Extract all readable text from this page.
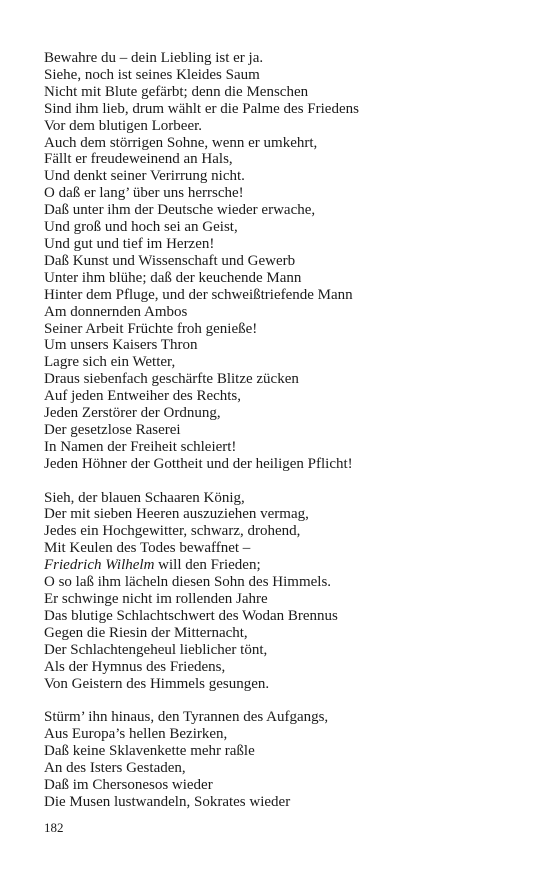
Bewahre du – dein Liebling ist er ja.
Siehe, noch ist seines Kleides Saum
Nicht mit Blute gefärbt; denn die Menschen
Sind ihm lieb, drum wählt er die Palme des Friedens
Vor dem blutigen Lorbeer.
Auch dem störrigen Sohne, wenn er umkehrt,
Fällt er freudeweinend an Hals,
Und denkt seiner Verirrung nicht.
O daß er lang’ über uns herrsche!
Daß unter ihm der Deutsche wieder erwache,
Und groß und hoch sei an Geist,
Und gut und tief im Herzen!
Daß Kunst und Wissenschaft und Gewerb
Unter ihm blühe; daß der keuchende Mann
Hinter dem Pfluge, und der schweißtriefende Mann
Am donnernden Ambos
Seiner Arbeit Früchte froh genieße!
Um unsers Kaisers Thron
Lagre sich ein Wetter,
Draus siebenfach geschärfte Blitze zücken
Auf jeden Entweiher des Rechts,
Jeden Zerstörer der Ordnung,
Der gesetzlose Raserei
In Namen der Freiheit schleiert!
Jeden Höhner der Gottheit und der heiligen Pflicht!
Sieh, der blauen Schaaren König,
Der mit sieben Heeren auszuziehen vermag,
Jedes ein Hochgewitter, schwarz, drohend,
Mit Keulen des Todes bewaffnet –
Friedrich Wilhelm will den Frieden;
O so laß ihm lächeln diesen Sohn des Himmels.
Er schwinge nicht im rollenden Jahre
Das blutige Schlachtschwert des Wodan Brennus
Gegen die Riesin der Mitternacht,
Der Schlachtengeheul lieblicher tönt,
Als der Hymnus des Friedens,
Von Geistern des Himmels gesungen.
Stürm’ ihn hinaus, den Tyrannen des Aufgangs,
Aus Europa’s hellen Bezirken,
Daß keine Sklavenkette mehr raßle
An des Isters Gestaden,
Daß im Chersonesos wieder
Die Musen lustwandeln, Sokrates wieder
182
